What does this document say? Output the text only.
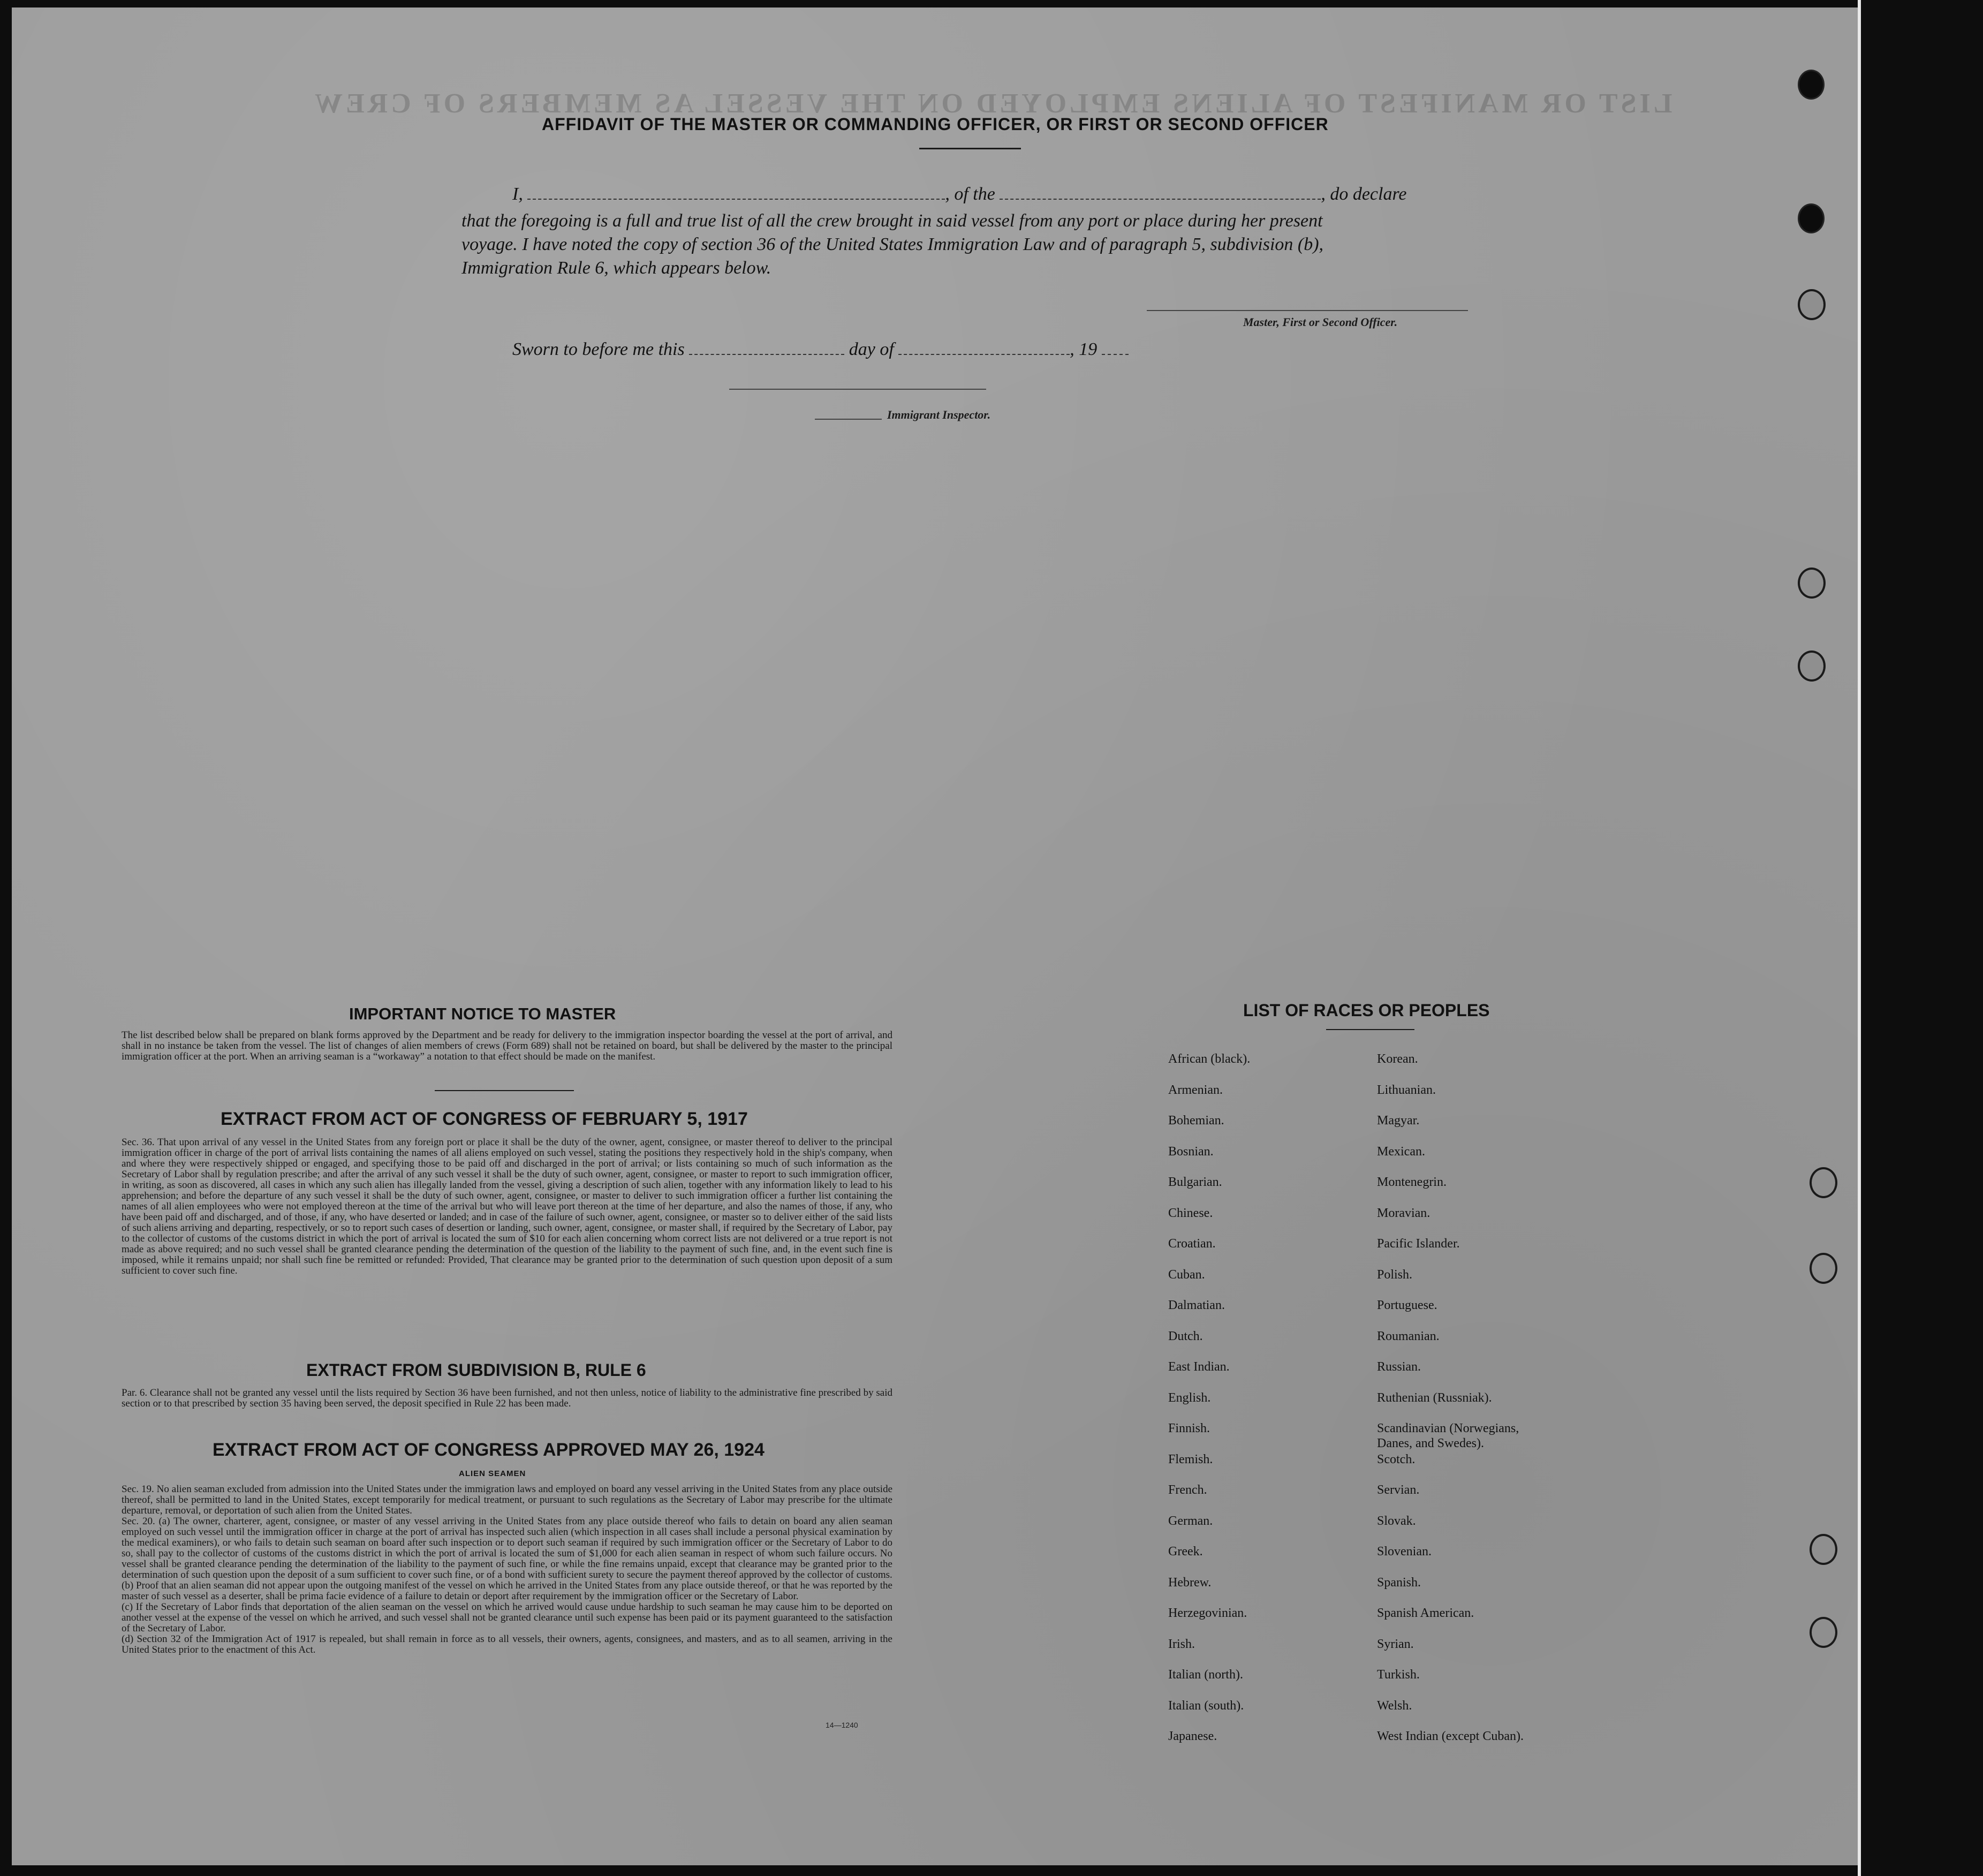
LIST OR MANIFEST OF ALIENS EMPLOYED ON THE VESSEL AS MEMBERS OF CREW
AFFIDAVIT OF THE MASTER OR COMMANDING OFFICER, OR FIRST OR SECOND OFFICER
I,	, of the	, do declare
that the foregoing is a full and true list of all the crew brought in said vessel from any port or place during her present
voyage. I have noted the copy of section 36 of the United States Immigration Law and of paragraph 5, subdivision (b),
Immigration Rule 6, which appears below.
Master, First or Second Officer.
Sworn to before me this	day of	, 19
Immigrant Inspector.
IMPORTANT NOTICE TO MASTER
The list described below shall be prepared on blank forms approved by the Department and be ready for delivery to the immigration inspector boarding the vessel at the port of arrival, and shall in no instance be taken from the vessel. The list of changes of alien members of crews (Form 689) shall not be retained on board, but shall be delivered by the master to the principal immigration officer at the port. When an arriving seaman is a “workaway” a notation to that effect should be made on the manifest.
EXTRACT FROM ACT OF CONGRESS OF FEBRUARY 5, 1917
Sec. 36. That upon arrival of any vessel in the United States from any foreign port or place it shall be the duty of the owner, agent, consignee, or master thereof to deliver to the principal immigration officer in charge of the port of arrival lists containing the names of all aliens employed on such vessel, stating the positions they respectively hold in the ship's company, when and where they were respectively shipped or engaged, and specifying those to be paid off and discharged in the port of arrival; or lists containing so much of such information as the Secretary of Labor shall by regulation prescribe; and after the arrival of any such vessel it shall be the duty of such owner, agent, consignee, or master to report to such immigration officer, in writing, as soon as discovered, all cases in which any such alien has illegally landed from the vessel, giving a description of such alien, together with any information likely to lead to his apprehension; and before the departure of any such vessel it shall be the duty of such owner, agent, consignee, or master to deliver to such immigration officer a further list containing the names of all alien employees who were not employed thereon at the time of the arrival but who will leave port thereon at the time of her departure, and also the names of those, if any, who have been paid off and discharged, and of those, if any, who have deserted or landed; and in case of the failure of such owner, agent, consignee, or master so to deliver either of the said lists of such aliens arriving and departing, respectively, or so to report such cases of desertion or landing, such owner, agent, consignee, or master shall, if required by the Secretary of Labor, pay to the collector of customs of the customs district in which the port of arrival is located the sum of $10 for each alien concerning whom correct lists are not delivered or a true report is not made as above required; and no such vessel shall be granted clearance pending the determination of the question of the liability to the payment of such fine, and, in the event such fine is imposed, while it remains unpaid; nor shall such fine be remitted or refunded: Provided, That clearance may be granted prior to the determination of such question upon deposit of a sum sufficient to cover such fine.
EXTRACT FROM SUBDIVISION B, RULE 6
Par. 6. Clearance shall not be granted any vessel until the lists required by Section 36 have been furnished, and not then unless, notice of liability to the administrative fine prescribed by said section or to that prescribed by section 35 having been served, the deposit specified in Rule 22 has been made.
EXTRACT FROM ACT OF CONGRESS APPROVED MAY 26, 1924
ALIEN SEAMEN

Sec. 19. No alien seaman excluded from admission into the United States under the immigration laws and employed on board any vessel arriving in the United States from any place outside thereof, shall be permitted to land in the United States, except temporarily for medical treatment, or pursuant to such regulations as the Secretary of Labor may prescribe for the ultimate departure, removal, or deportation of such alien from the United States.

Sec. 20. (a) The owner, charterer, agent, consignee, or master of any vessel arriving in the United States from any place outside thereof who fails to detain on board any alien seaman employed on such vessel until the immigration officer in charge at the port of arrival has inspected such alien (which inspection in all cases shall include a personal physical examination by the medical examiners), or who fails to detain such seaman on board after such inspection or to deport such seaman if required by such immigration officer or the Secretary of Labor to do so, shall pay to the collector of customs of the customs district in which the port of arrival is located the sum of $1,000 for each alien seaman in respect of whom such failure occurs. No vessel shall be granted clearance pending the determination of the liability to the payment of such fine, or while the fine remains unpaid, except that clearance may be granted prior to the determination of such question upon the deposit of a sum sufficient to cover such fine, or of a bond with sufficient surety to secure the payment thereof approved by the collector of customs.

(b) Proof that an alien seaman did not appear upon the outgoing manifest of the vessel on which he arrived in the United States from any place outside thereof, or that he was reported by the master of such vessel as a deserter, shall be prima facie evidence of a failure to detain or deport after requirement by the immigration officer or the Secretary of Labor.

(c) If the Secretary of Labor finds that deportation of the alien seaman on the vessel on which he arrived would cause undue hardship to such seaman he may cause him to be deported on another vessel at the expense of the vessel on which he arrived, and such vessel shall not be granted clearance until such expense has been paid or its payment guaranteed to the satisfaction of the Secretary of Labor.

(d) Section 32 of the Immigration Act of 1917 is repealed, but shall remain in force as to all vessels, their owners, agents, consignees, and masters, and as to all seamen, arriving in the United States prior to the enactment of this Act.

14—1240
LIST OF RACES OR PEOPLES
African (black).
Armenian.
Bohemian.
Bosnian.
Bulgarian.
Chinese.
Croatian.
Cuban.
Dalmatian.
Dutch.
East Indian.
English.
Finnish.
Flemish.
French.
German.
Greek.
Hebrew.
Herzegovinian.
Irish.
Italian (north).
Italian (south).
Japanese.
Korean.
Lithuanian.
Magyar.
Mexican.
Montenegrin.
Moravian.
Pacific Islander.
Polish.
Portuguese.
Roumanian.
Russian.
Ruthenian (Russniak).
Scandinavian (Norwegians,
Danes, and Swedes).
Scotch.
Servian.
Slovak.
Slovenian.
Spanish.
Spanish American.
Syrian.
Turkish.
Welsh.
West Indian (except Cuban).
